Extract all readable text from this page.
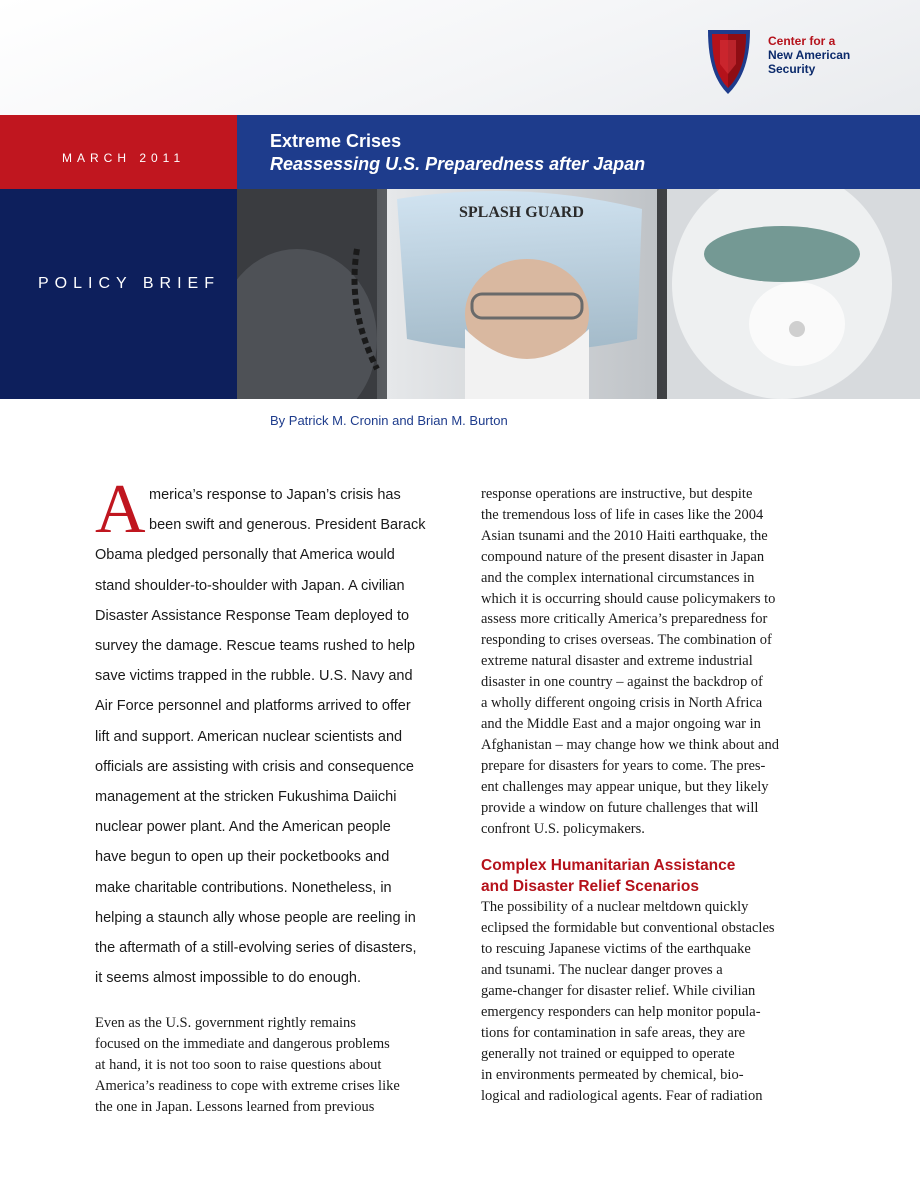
Center for a
New American
Security
MARCH 2011
Extreme Crises
Reassessing U.S. Preparedness after Japan
POLICY BRIEF
SPLASH GUARD
By Patrick M. Cronin and Brian M. Burton
A merica’s response to Japan’s crisis has
been swift and generous. President Barack
Obama pledged personally that America would
stand shoulder-to-shoulder with Japan. A civilian
Disaster Assistance Response Team deployed to
survey the damage. Rescue teams rushed to help
save victims trapped in the rubble. U.S. Navy and
Air Force personnel and platforms arrived to offer
lift and support. American nuclear scientists and
officials are assisting with crisis and consequence
management at the stricken Fukushima Daiichi
nuclear power plant. And the American people
have begun to open up their pocketbooks and
make charitable contributions. Nonetheless, in
helping a staunch ally whose people are reeling in
the aftermath of a still-evolving series of disasters,
it seems almost impossible to do enough.
Even as the U.S. government rightly remains
focused on the immediate and dangerous problems
at hand, it is not too soon to raise questions about
America’s readiness to cope with extreme crises like
the one in Japan. Lessons learned from previous
response operations are instructive, but despite
the tremendous loss of life in cases like the 2004
Asian tsunami and the 2010 Haiti earthquake, the
compound nature of the present disaster in Japan
and the complex international circumstances in
which it is occurring should cause policymakers to
assess more critically America’s preparedness for
responding to crises overseas. The combination of
extreme natural disaster and extreme industrial
disaster in one country – against the backdrop of
a wholly different ongoing crisis in North Africa
and the Middle East and a major ongoing war in
Afghanistan – may change how we think about and
prepare for disasters for years to come. The pres-
ent challenges may appear unique, but they likely
provide a window on future challenges that will
confront U.S. policymakers.
Complex Humanitarian Assistance
and Disaster Relief Scenarios
The possibility of a nuclear meltdown quickly
eclipsed the formidable but conventional obstacles
to rescuing Japanese victims of the earthquake
and tsunami. The nuclear danger proves a
game-changer for disaster relief. While civilian
emergency responders can help monitor popula-
tions for contamination in safe areas, they are
generally not trained or equipped to operate
in environments permeated by chemical, bio-
logical and radiological agents. Fear of radiation
